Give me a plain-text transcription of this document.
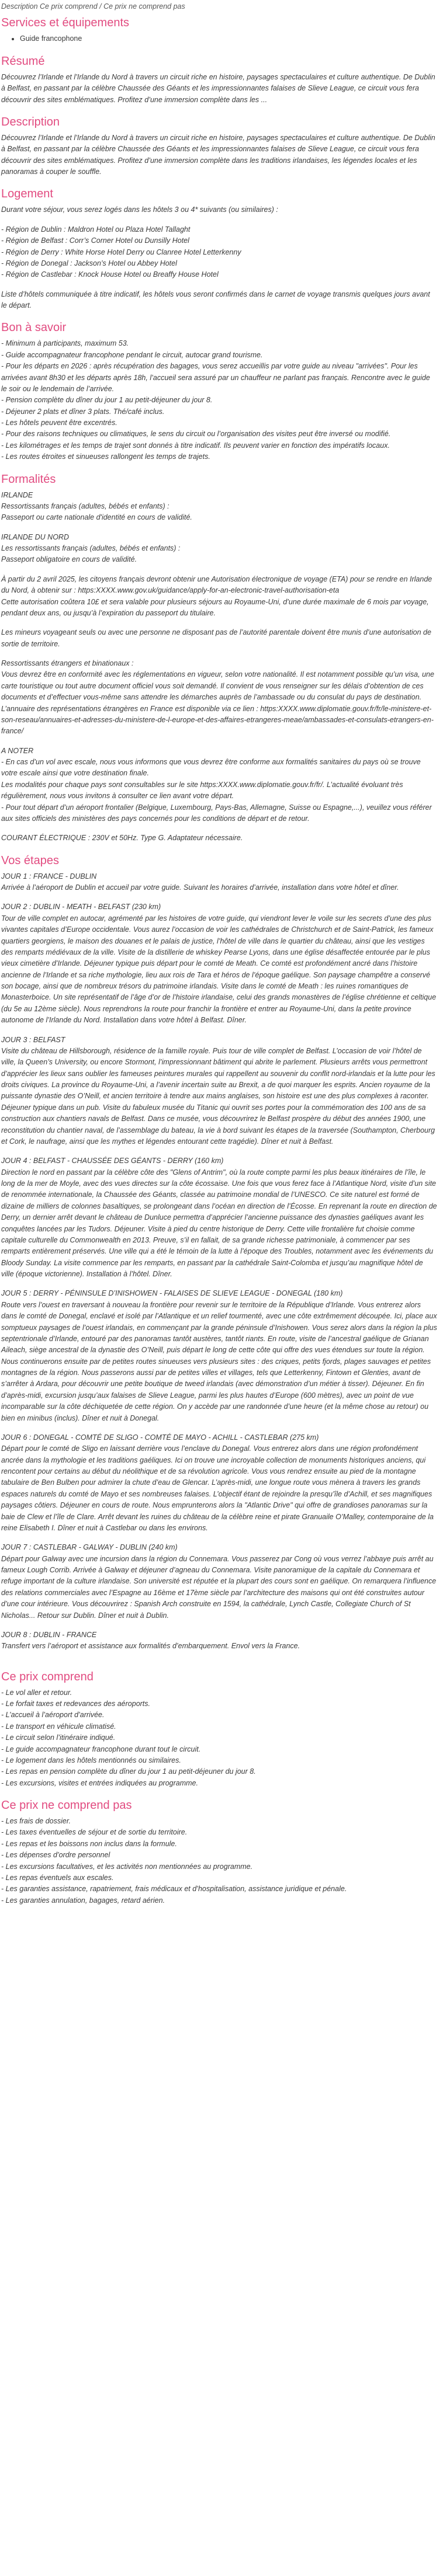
Description Ce prix comprend / Ce prix ne comprend pas
Services et équipements
• Guide francophone
Résumé

Découvrez l’Irlande et l’Irlande du Nord à travers un circuit riche en histoire, paysages spectaculaires et culture authentique. De Dublin à Belfast, en passant par la célèbre Chaussée des Géants et les impressionnantes falaises de Slieve League, ce circuit vous fera découvrir des sites emblématiques. Profitez d’une immersion complète dans les ...

Description

Découvrez l’Irlande et l’Irlande du Nord à travers un circuit riche en histoire, paysages spectaculaires et culture authentique. De Dublin à Belfast, en passant par la célèbre Chaussée des Géants et les impressionnantes falaises de Slieve League, ce circuit vous fera découvrir des sites emblématiques. Profitez d’une immersion complète dans les traditions irlandaises, les légendes locales et les panoramas à couper le souffle.

Logement
Durant votre séjour, vous serez logés dans les hôtels 3 ou 4* suivants (ou similaires) :
- Région de Dublin : Maldron Hotel ou Plaza Hotel Tallaght
- Région de Belfast : Corr’s Corner Hotel ou Dunsilly Hotel
- Région de Derry : White Horse Hotel Derry ou Clanree Hotel Letterkenny
- Région de Donegal : Jackson’s Hotel ou Abbey Hotel
- Région de Castlebar : Knock House Hotel ou Breaffy House Hotel
Liste d’hôtels communiquée à titre indicatif, les hôtels vous seront confirmés dans le carnet de voyage transmis quelques jours avant le départ.
Bon à savoir
- Minimum à participants, maximum 53.
- Guide accompagnateur francophone pendant le circuit, autocar grand tourisme.
- Pour les départs en 2026 : après récupération des bagages, vous serez accueillis par votre guide au niveau "arrivées". Pour les arrivées avant 8h30 et les départs après 18h, l’accueil sera assuré par un chauffeur ne parlant pas français. Rencontre avec le guide le soir ou le lendemain de l’arrivée.
- Pension complète du dîner du jour 1 au petit-déjeuner du jour 8.
- Déjeuner 2 plats et dîner 3 plats. Thé/café inclus.
- Les hôtels peuvent être excentrés.
- Pour des raisons techniques ou climatiques, le sens du circuit ou l’organisation des visites peut être inversé ou modifié.
- Les kilométrages et les temps de trajet sont donnés à titre indicatif. Ils peuvent varier en fonction des impératifs locaux.
- Les routes étroites et sinueuses rallongent les temps de trajets.
Formalités
IRLANDE
Ressortissants français (adultes, bébés et enfants) :
Passeport ou carte nationale d'identité en cours de validité.
IRLANDE DU NORD
Les ressortissants français (adultes, bébés et enfants) :
Passeport obligatoire en cours de validité.
À partir du 2 avril 2025, les citoyens français devront obtenir une Autorisation électronique de voyage (ETA) pour se rendre en Irlande du Nord, à obtenir sur : https:XXXX.www.gov.uk/guidance/apply-for-an-electronic-travel-authorisation-eta
Cette autorisation coûtera 10£ et sera valable pour plusieurs séjours au Royaume-Uni, d’une durée maximale de 6 mois par voyage, pendant deux ans, ou jusqu’à l’expiration du passeport du titulaire.
Les mineurs voyageant seuls ou avec une personne ne disposant pas de l’autorité parentale doivent être munis d’une autorisation de sortie de territoire.
Ressortissants étrangers et binationaux :
Vous devrez être en conformité avec les réglementations en vigueur, selon votre nationalité. Il est notamment possible qu’un visa, une carte touristique ou tout autre document officiel vous soit demandé. Il convient de vous renseigner sur les délais d’obtention de ces documents et d’effectuer vous-même sans attendre les démarches auprès de l’ambassade ou du consulat du pays de destination.
L’annuaire des représentations étrangères en France est disponible via ce lien : https:XXXX.www.diplomatie.gouv.fr/fr/le-ministere-et-son-reseau/annuaires-et-adresses-du-ministere-de-l-europe-et-des-affaires-etrangeres-meae/ambassades-et-consulats-etrangers-en-france/
A NOTER
- En cas d’un vol avec escale, nous vous informons que vous devrez être conforme aux formalités sanitaires du pays où se trouve votre escale ainsi que votre destination finale.
Les modalités pour chaque pays sont consultables sur le site https:XXXX.www.diplomatie.gouv.fr/fr/. L’actualité évoluant très régulièrement, nous vous invitons à consulter ce lien avant votre départ.
- Pour tout départ d’un aéroport frontalier (Belgique, Luxembourg, Pays-Bas, Allemagne, Suisse ou Espagne,...), veuillez vous référer aux sites officiels des ministères des pays concernés pour les conditions de départ et de retour.
COURANT ÉLECTRIQUE : 230V et 50Hz. Type G. Adaptateur nécessaire.
Vos étapes
JOUR 1 : FRANCE - DUBLIN
Arrivée à l’aéroport de Dublin et accueil par votre guide. Suivant les horaires d’arrivée, installation dans votre hôtel et dîner.
JOUR 2 : DUBLIN - MEATH - BELFAST (230 km)
Tour de ville complet en autocar, agrémenté par les histoires de votre guide, qui viendront lever le voile sur les secrets d’une des plus vivantes capitales d’Europe occidentale. Vous aurez l’occasion de voir les cathédrales de Christchurch et de Saint-Patrick, les fameux quartiers georgiens, le maison des douanes et le palais de justice, l’hôtel de ville dans le quartier du château, ainsi que les vestiges des remparts médiévaux de la ville. Visite de la distillerie de whiskey Pearse Lyons, dans une église désaffectée entourée par le plus vieux cimetière d’Irlande. Déjeuner typique puis départ pour le comté de Meath. Ce comté est profondément ancré dans l’histoire ancienne de l’Irlande et sa riche mythologie, lieu aux rois de Tara et héros de l’époque gaélique. Son paysage champêtre a conservé son bocage, ainsi que de nombreux trésors du patrimoine irlandais. Visite dans le comté de Meath : les ruines romantiques de Monasterboice. Un site représentatif de l’âge d’or de l’histoire irlandaise, celui des grands monastères de l’église chrétienne et celtique (du 5e au 12ème siècle). Nous reprendrons la route pour franchir la frontière et entrer au Royaume-Uni, dans la petite province autonome de l’Irlande du Nord. Installation dans votre hôtel à Belfast. Dîner.
JOUR 3 : BELFAST
Visite du château de Hillsborough, résidence de la famille royale. Puis tour de ville complet de Belfast. L’occasion de voir l’hôtel de ville, la Queen’s University, ou encore Stormont, l’impressionnant bâtiment qui abrite le parlement. Plusieurs arrêts vous permettront d’apprécier les lieux sans oublier les fameuses peintures murales qui rappellent au souvenir du conflit nord-irlandais et la lutte pour les droits civiques. La province du Royaume-Uni, a l’avenir incertain suite au Brexit, a de quoi marquer les esprits. Ancien royaume de la puissante dynastie des O’Neill, et ancien territoire à tendre aux mains anglaises, son histoire est une des plus complexes à raconter. Déjeuner typique dans un pub. Visite du fabuleux musée du Titanic qui ouvrit ses portes pour la commémoration des 100 ans de sa construction aux chantiers navals de Belfast. Dans ce musée, vous découvrirez le Belfast prospère du début des années 1900, une reconstitution du chantier naval, de l’assemblage du bateau, la vie à bord suivant les étapes de la traversée (Southampton, Cherbourg et Cork, le naufrage, ainsi que les mythes et légendes entourant cette tragédie). Dîner et nuit à Belfast.
JOUR 4 : BELFAST - CHAUSSÉE DES GÉANTS - DERRY (160 km)
Direction le nord en passant par la célèbre côte des "Glens of Antrim", où la route compte parmi les plus beaux itinéraires de l’île, le long de la mer de Moyle, avec des vues directes sur la côte écossaise. Une fois que vous ferez face à l’Atlantique Nord, visite d’un site de renommée internationale, la Chaussée des Géants, classée au patrimoine mondial de l’UNESCO. Ce site naturel est formé de dizaine de milliers de colonnes basaltiques, se prolongeant dans l’océan en direction de l’Écosse. En reprenant la route en direction de Derry, un dernier arrêt devant le château de Dunluce permettra d’apprécier l’ancienne puissance des dynasties gaéliques avant les conquêtes lancées par les Tudors. Déjeuner. Visite à pied du centre historique de Derry. Cette ville frontalière fut choisie comme capitale culturelle du Commonwealth en 2013. Preuve, s’il en fallait, de sa grande richesse patrimoniale, à commencer par ses remparts entièrement préservés. Une ville qui a été le témoin de la lutte à l’époque des Troubles, notamment avec les événements du Bloody Sunday. La visite commence par les remparts, en passant par la cathédrale Saint-Colomba et jusqu’au magnifique hôtel de ville (époque victorienne). Installation à l’hôtel. Dîner.
JOUR 5 : DERRY - PÉNINSULE D’INISHOWEN - FALAISES DE SLIEVE LEAGUE - DONEGAL (180 km)
Route vers l’ouest en traversant à nouveau la frontière pour revenir sur le territoire de la République d’Irlande. Vous entrerez alors dans le comté de Donegal, enclavé et isolé par l’Atlantique et un relief tourmenté, avec une côte extrêmement découpée. Ici, place aux somptueux paysages de l’ouest irlandais, en commençant par la grande péninsule d’Inishowen. Vous serez alors dans la région la plus septentrionale d’Irlande, entouré par des panoramas tantôt austères, tantôt riants. En route, visite de l’ancestral gaélique de Grianan Aileach, siège ancestral de la dynastie des O’Neill, puis départ le long de cette côte qui offre des vues étendues sur toute la région. Nous continuerons ensuite par de petites routes sinueuses vers plusieurs sites : des criques, petits fjords, plages sauvages et petites montagnes de la région. Nous passerons aussi par de petites villes et villages, tels que Letterkenny, Fintown et Glenties, avant de s’arrêter à Ardara, pour découvrir une petite boutique de tweed irlandais (avec démonstration d’un métier à tisser). Déjeuner. En fin d’après-midi, excursion jusqu’aux falaises de Slieve League, parmi les plus hautes d’Europe (600 mètres), avec un point de vue incomparable sur la côte déchiquetée de cette région. On y accède par une randonnée d’une heure (et la même chose au retour) ou bien en minibus (inclus). Dîner et nuit à Donegal.
JOUR 6 : DONEGAL - COMTÉ DE SLIGO - COMTÉ DE MAYO - ACHILL - CASTLEBAR (275 km)
Départ pour le comté de Sligo en laissant derrière vous l’enclave du Donegal. Vous entrerez alors dans une région profondément ancrée dans la mythologie et les traditions gaéliques. Ici on trouve une incroyable collection de monuments historiques anciens, qui rencontent pour certains au début du néolithique et de sa révolution agricole. Vous vous rendrez ensuite au pied de la montagne tabulaire de Ben Bulben pour admirer la chute d’eau de Glencar. L’après-midi, une longue route vous mènera à travers les grands espaces naturels du comté de Mayo et ses nombreuses falaises. L’objectif étant de rejoindre la presqu’île d’Achill, et ses magnifiques paysages côtiers. Déjeuner en cours de route. Nous emprunterons alors la "Atlantic Drive" qui offre de grandioses panoramas sur la baie de Clew et l’île de Clare. Arrêt devant les ruines du château de la célèbre reine et pirate Granuaile O’Malley, contemporaine de la reine Elisabeth I. Dîner et nuit à Castlebar ou dans les environs.
JOUR 7 : CASTLEBAR - GALWAY - DUBLIN (240 km)
Départ pour Galway avec une incursion dans la région du Connemara. Vous passerez par Cong où vous verrez l’abbaye puis arrêt au fameux Lough Corrib. Arrivée à Galway et déjeuner d’agneau du Connemara. Visite panoramique de la capitale du Connemara et refuge important de la culture irlandaise. Son université est réputée et la plupart des cours sont en gaélique. On remarquera l’influence des relations commerciales avec l’Espagne au 16ème et 17ème siècle par l’architecture des maisons qui ont été construites autour d’une cour intérieure. Vous découvrirez : Spanish Arch construite en 1594, la cathédrale, Lynch Castle, Collegiate Church of St Nicholas... Retour sur Dublin. Dîner et nuit à Dublin.
JOUR 8 : DUBLIN - FRANCE
Transfert vers l’aéroport et assistance aux formalités d’embarquement. Envol vers la France.
Ce prix comprend
- Le vol aller et retour.
- Le forfait taxes et redevances des aéroports.
- L’accueil à l’aéroport d’arrivée.
- Le transport en véhicule climatisé.
- Le circuit selon l’itinéraire indiqué.
- Le guide accompagnateur francophone durant tout le circuit.
- Le logement dans les hôtels mentionnés ou similaires.
- Les repas en pension complète du dîner du jour 1 au petit-déjeuner du jour 8.
- Les excursions, visites et entrées indiquées au programme.
Ce prix ne comprend pas
- Les frais de dossier.
- Les taxes éventuelles de séjour et de sortie du territoire.
- Les repas et les boissons non inclus dans la formule.
- Les dépenses d’ordre personnel
- Les excursions facultatives, et les activités non mentionnées au programme.
- Les repas éventuels aux escales.
- Les garanties assistance, rapatriement, frais médicaux et d’hospitalisation, assistance juridique et pénale.
- Les garanties annulation, bagages, retard aérien.
